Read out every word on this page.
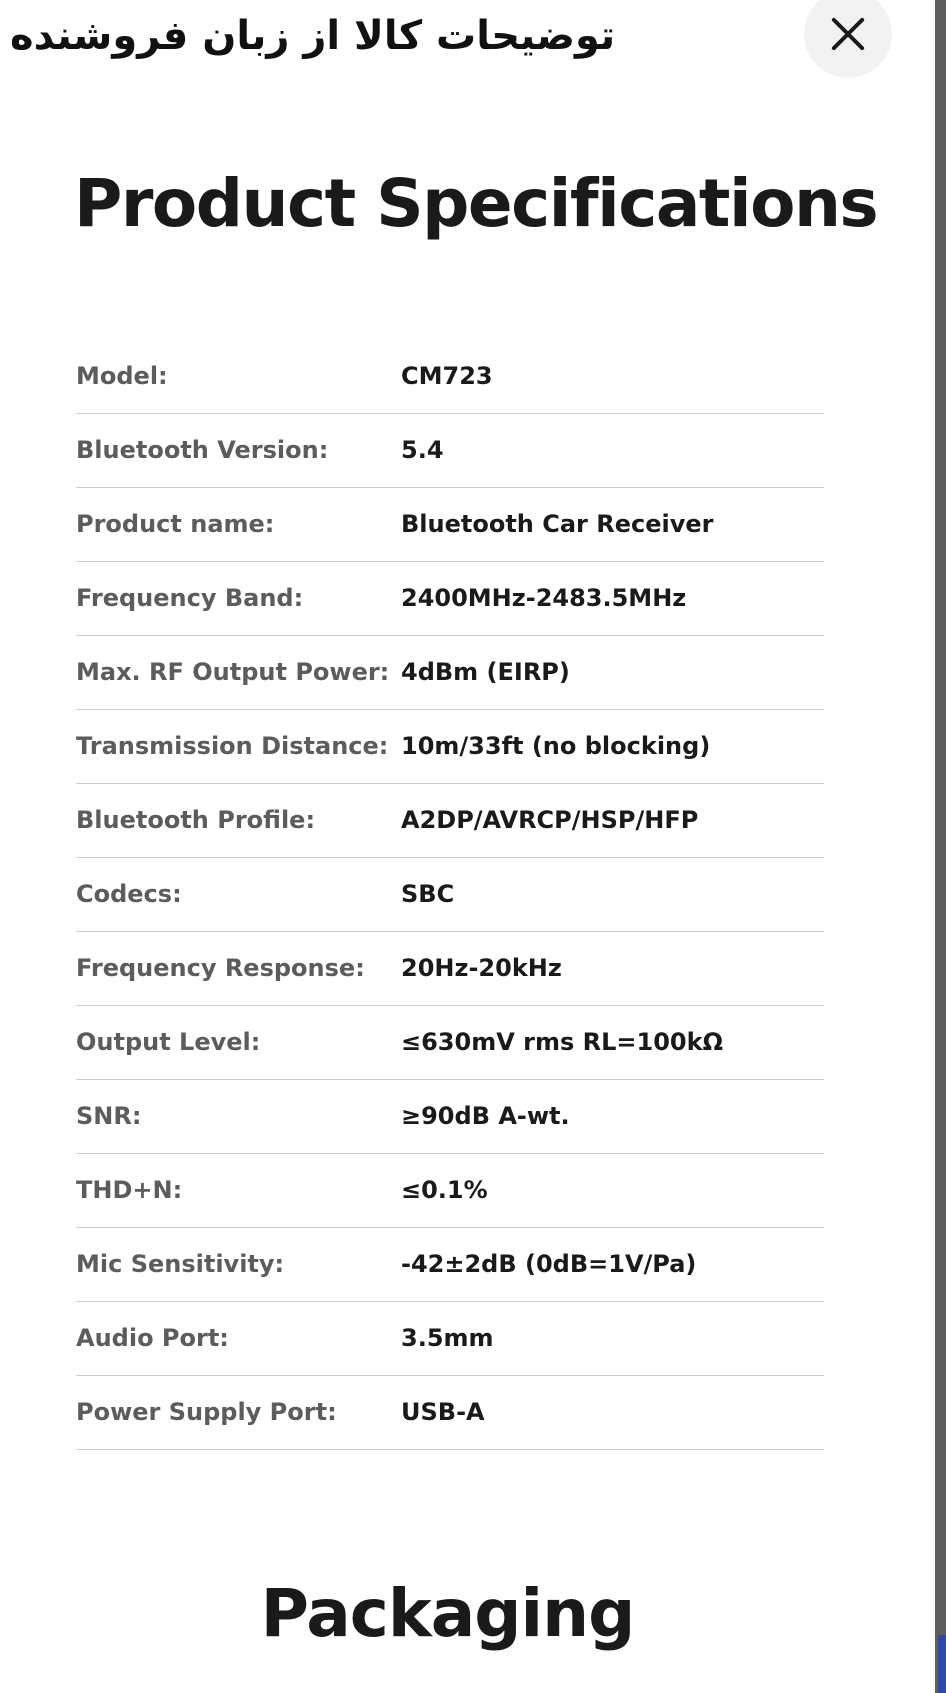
توضیحات کالا از زبان فروشنده
Product Specifications
Model:	CM723
Bluetooth Version:	5.4
Product name:	Bluetooth Car Receiver
Frequency Band:	2400MHz-2483.5MHz
Max. RF Output Power: 4dBm (EIRP)
Transmission Distance: 10m/33ft (no blocking)
Bluetooth Profile:	A2DP/AVRCP/HSP/HFP
Codecs:	SBC
Frequency Response: 20Hz-20kHz
Output Level:	≤630mV rms RL=100kΩ
SNR:	≥90dB A-wt.
THD+N:	≤0.1%
Mic Sensitivity:	-42±2dB (0dB=1V/Pa)
Audio Port:	3.5mm
Power Supply Port:	USB-A
Packaging
